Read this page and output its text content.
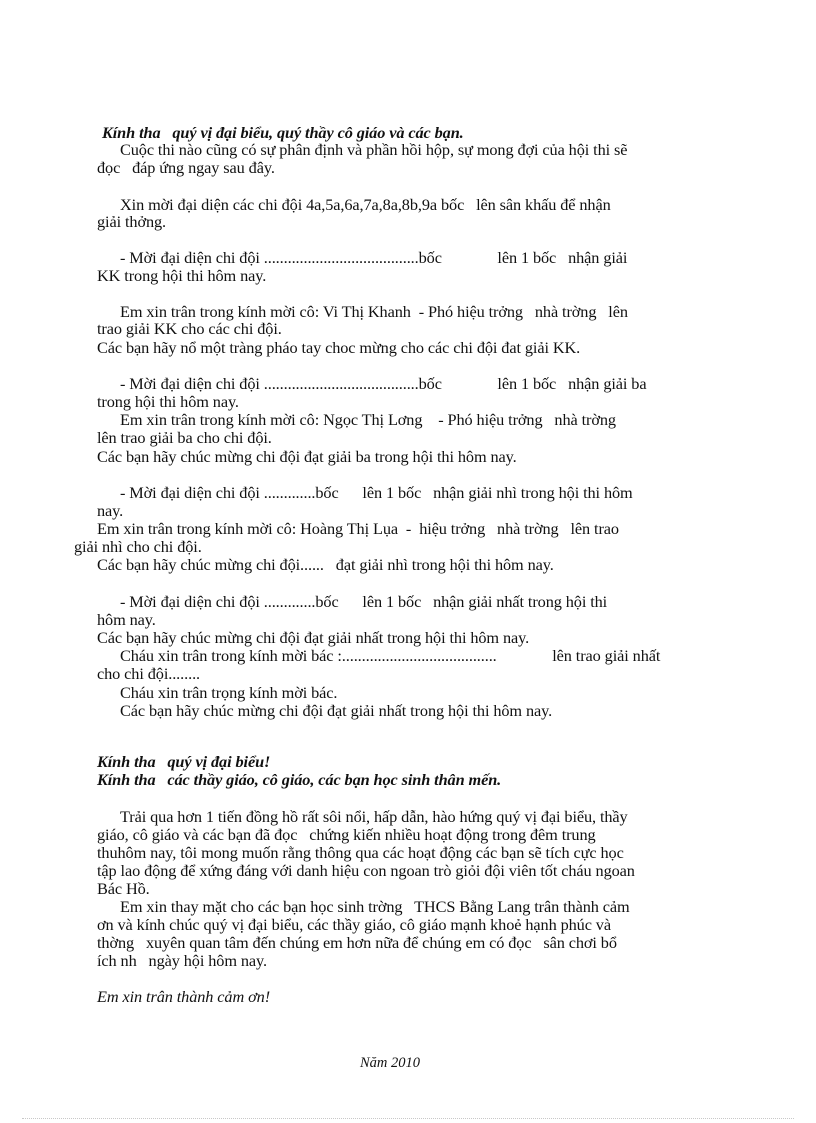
Kính tha   quý vị đại biểu, quý thầy cô giáo và các bạn.
Cuộc thi nào cũng có sự phân định và phần hồi hộp, sự mong đợi của hội thi sẽ
đọc   đáp ứng ngay sau đây.
Xin mời đại diện các chi đội 4a,5a,6a,7a,8a,8b,9a bốc   lên sân khấu để nhận
giải thởng.
- Mời đại diện chi đội .......................................bốc              lên 1 bốc   nhận giải
KK trong hội thi hôm nay.
Em xin trân trong kính mời cô: Vi Thị Khanh  - Phó hiệu trởng   nhà trờng   lên
trao giải KK cho các chi đội.
Các bạn hãy nổ một tràng pháo tay choc mừng cho các chi đội đat giải KK.
- Mời đại diện chi đội .......................................bốc              lên 1 bốc   nhận giải ba
trong hội thi hôm nay.
Em xin trân trong kính mời cô: Ngọc Thị Lơng    - Phó hiệu trởng   nhà trờng
lên trao giải ba cho chi đội.
Các bạn hãy chúc mừng chi đội đạt giải ba trong hội thi hôm nay.
- Mời đại diện chi đội .............bốc      lên 1 bốc   nhận giải nhì trong hội thi hôm
nay.
Em xin trân trong kính mời cô: Hoàng Thị Lụa  -  hiệu trởng   nhà trờng   lên trao
giải nhì cho chi đội.
Các bạn hãy chúc mừng chi đội......   đạt giải nhì trong hội thi hôm nay.
- Mời đại diện chi đội .............bốc      lên 1 bốc   nhận giải nhất trong hội thi
hôm nay.
Các bạn hãy chúc mừng chi đội đạt giải nhất trong hội thi hôm nay.
Cháu xin trân trong kính mời bác :.......................................              lên trao giải nhất
cho chi đội........
Cháu xin trân trọng kính mời bác.
Các bạn hãy chúc mừng chi đội đạt giải nhất trong hội thi hôm nay.
Kính tha   quý vị đại biểu!
Kính tha   các thầy giáo, cô giáo, các bạn học sinh thân mến.
Trải qua hơn 1 tiến đồng hồ rất sôi nổi, hấp dẫn, hào hứng quý vị đại biểu, thầy
giáo, cô giáo và các bạn đã đọc   chứng kiến nhiều hoạt động trong đêm trung
thuhôm nay, tôi mong muốn rằng thông qua các hoạt động các bạn sẽ tích cực học
tập lao động để xứng đáng với danh hiệu con ngoan trò giỏi đội viên tốt cháu ngoan
Bác Hồ.
Em xin thay mặt cho các bạn học sinh trờng   THCS Bằng Lang trân thành cảm
ơn và kính chúc quý vị đại biểu, các thầy giáo, cô giáo mạnh khoẻ hạnh phúc và
thờng   xuyên quan tâm đến chúng em hơn nữa để chúng em có đọc   sân chơi bổ
ích nh   ngày hội hôm nay.
Em xin trân thành cảm ơn!
Năm 2010
